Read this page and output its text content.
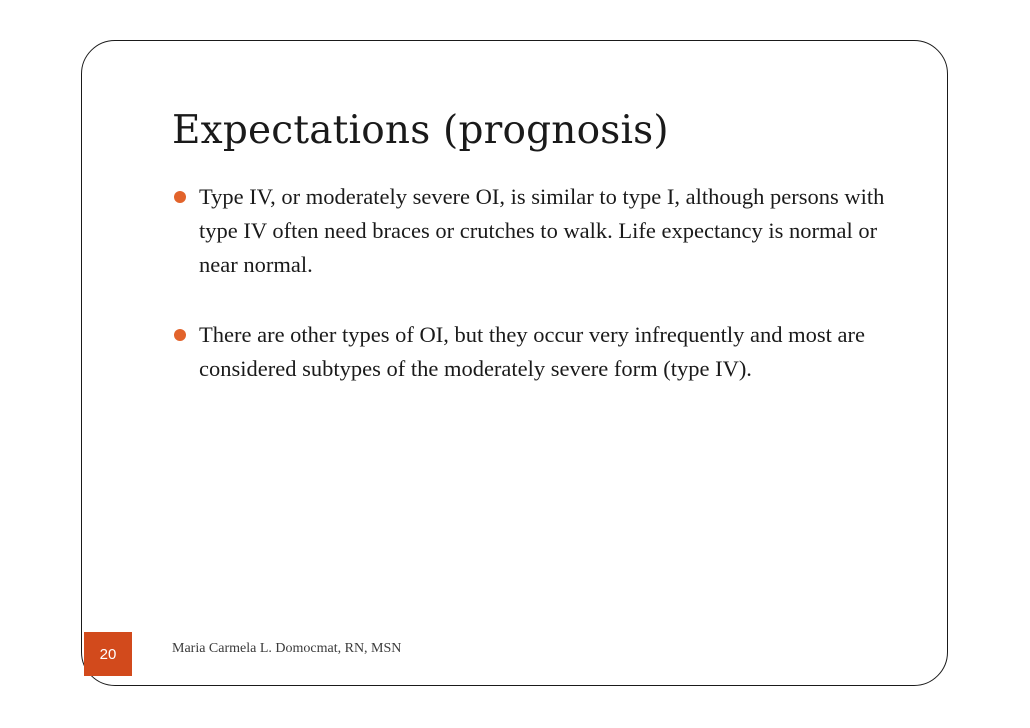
Expectations (prognosis)
Type IV, or moderately severe OI, is similar to type I, although persons with type IV often need braces or crutches to walk. Life expectancy is normal or near normal.
There are other types of OI, but they occur very infrequently and most are considered subtypes of the moderately severe form (type IV).
20	Maria Carmela L. Domocmat, RN, MSN
